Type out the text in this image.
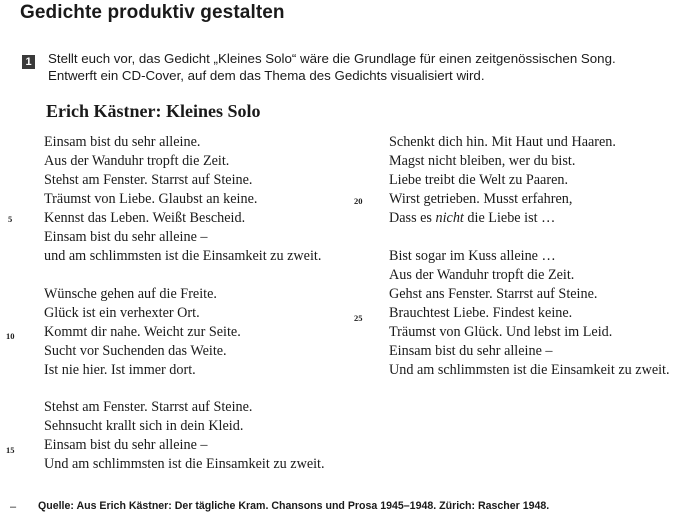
Gedichte produktiv gestalten
1 Stellt euch vor, das Gedicht „Kleines Solo“ wäre die Grundlage für einen zeitgenössischen Song.
Entwerft ein CD-Cover, auf dem das Thema des Gedichts visualisiert wird.
Erich Kästner: Kleines Solo
Einsam bist du sehr alleine.
Aus der Wanduhr tropft die Zeit.
Stehst am Fenster. Starrst auf Steine.
Träumst von Liebe. Glaubst an keine.
Kennst das Leben. Weißt Bescheid.
Einsam bist du sehr alleine –
und am schlimmsten ist die Einsamkeit zu zweit.
Wünsche gehen auf die Freite.
Glück ist ein verhexter Ort.
Kommt dir nahe. Weicht zur Seite.
Sucht vor Suchenden das Weite.
Ist nie hier. Ist immer dort.
Stehst am Fenster. Starrst auf Steine.
Sehnsucht krallt sich in dein Kleid.
Einsam bist du sehr alleine –
Und am schlimmsten ist die Einsamkeit zu zweit.
Schenkt dich hin. Mit Haut und Haaren.
Magst nicht bleiben, wer du bist.
Liebe treibt die Welt zu Paaren.
Wirst getrieben. Musst erfahren,
Dass es nicht die Liebe ist …
Bist sogar im Kuss alleine …
Aus der Wanduhr tropft die Zeit.
Gehst ans Fenster. Starrst auf Steine.
Brauchtest Liebe. Findest keine.
Träumst von Glück. Und lebst im Leid.
Einsam bist du sehr alleine –
Und am schlimmsten ist die Einsamkeit zu zweit.
5
10
15
20
25
– Quelle: Aus Erich Kästner: Der tägliche Kram. Chansons und Prosa 1945–1948. Zürich: Rascher 1948.
